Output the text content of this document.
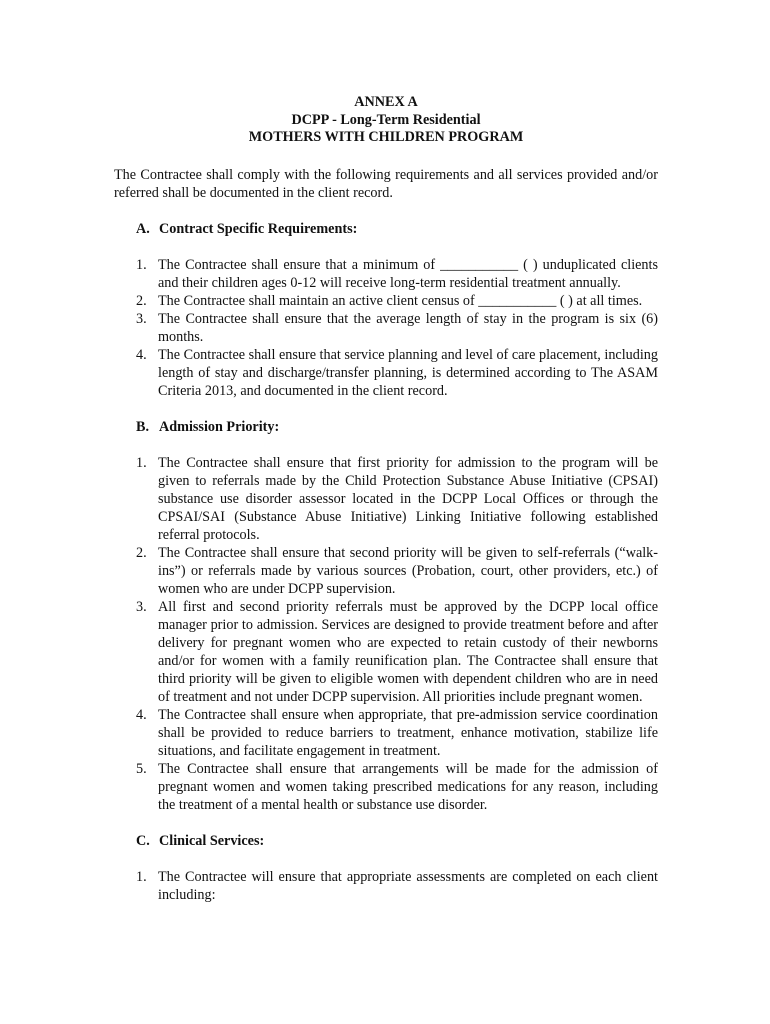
ANNEX A
DCPP - Long-Term Residential
MOTHERS WITH CHILDREN PROGRAM

The Contractee shall comply with the following requirements and all services provided and/or referred shall be documented in the client record.

A. Contract Specific Requirements:
1. The Contractee shall ensure that a minimum of ___________ ( ) unduplicated clients and their children ages 0-12 will receive long-term residential treatment annually.
2. The Contractee shall maintain an active client census of ___________ ( ) at all times.
3. The Contractee shall ensure that the average length of stay in the program is six (6) months.
4. The Contractee shall ensure that service planning and level of care placement, including length of stay and discharge/transfer planning, is determined according to The ASAM Criteria 2013, and documented in the client record.
B. Admission Priority:
1. The Contractee shall ensure that first priority for admission to the program will be given to referrals made by the Child Protection Substance Abuse Initiative (CPSAI) substance use disorder assessor located in the DCPP Local Offices or through the CPSAI/SAI (Substance Abuse Initiative) Linking Initiative following established referral protocols.
2. The Contractee shall ensure that second priority will be given to self-referrals (“walk-ins”) or referrals made by various sources (Probation, court, other providers, etc.) of women who are under DCPP supervision.
3. All first and second priority referrals must be approved by the DCPP local office manager prior to admission. Services are designed to provide treatment before and after delivery for pregnant women who are expected to retain custody of their newborns and/or for women with a family reunification plan. The Contractee shall ensure that third priority will be given to eligible women with dependent children who are in need of treatment and not under DCPP supervision. All priorities include pregnant women.
4. The Contractee shall ensure when appropriate, that pre-admission service coordination shall be provided to reduce barriers to treatment, enhance motivation, stabilize life situations, and facilitate engagement in treatment.
5. The Contractee shall ensure that arrangements will be made for the admission of pregnant women and women taking prescribed medications for any reason, including the treatment of a mental health or substance use disorder.
C. Clinical Services:
1. The Contractee will ensure that appropriate assessments are completed on each client including:
